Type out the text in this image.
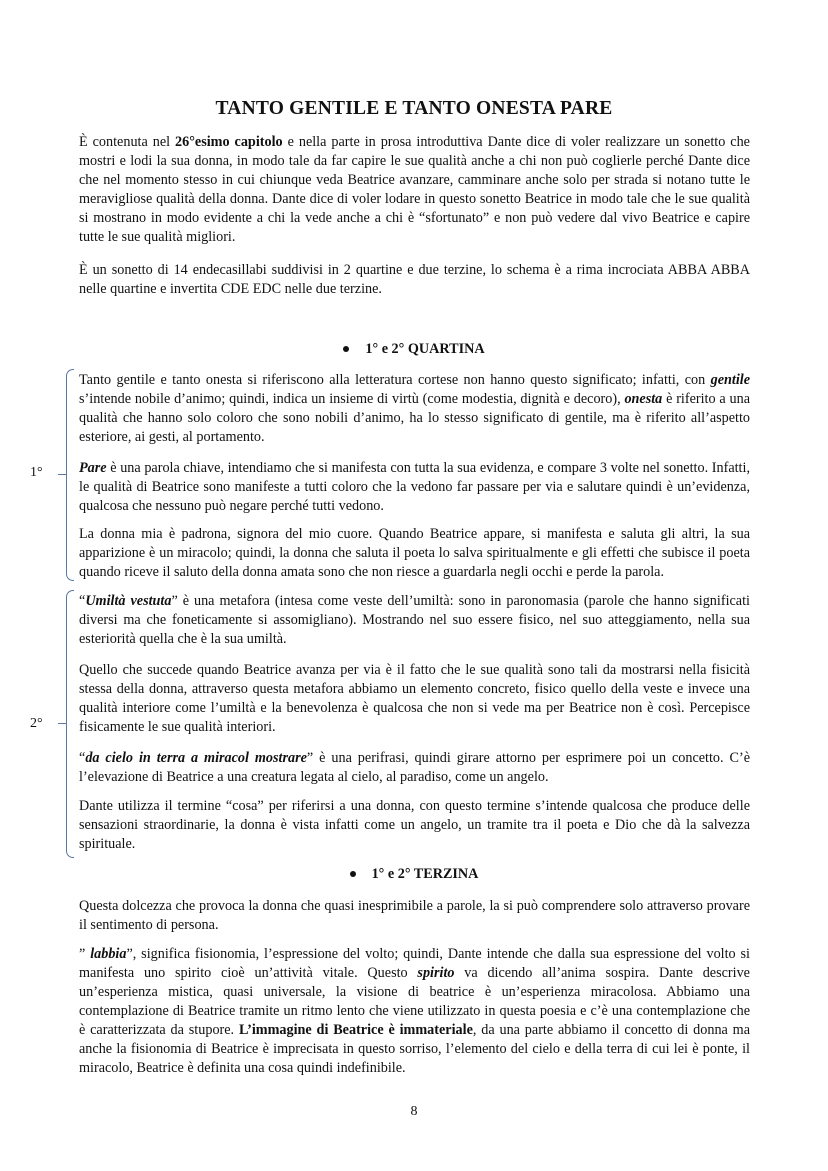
TANTO GENTILE E TANTO ONESTA PARE

È contenuta nel 26°esimo capitolo e nella parte in prosa introduttiva Dante dice di voler realizzare un sonetto che mostri e lodi la sua donna, in modo tale da far capire le sue qualità anche a chi non può coglierle perché Dante dice che nel momento stesso in cui chiunque veda Beatrice avanzare, camminare anche solo per strada si notano tutte le meravigliose qualità della donna. Dante dice di voler lodare in questo sonetto Beatrice in modo tale che le sue qualità si mostrano in modo evidente a chi la vede anche a chi è “sfortunato” e non può vedere dal vivo Beatrice e capire tutte le sue qualità migliori.

È un sonetto di 14 endecasillabi suddivisi in 2 quartine e due terzine, lo schema è a rima incrociata ABBA ABBA nelle quartine e invertita CDE EDC nelle due terzine.

1° e 2° QUARTINA
1°
2°

Tanto gentile e tanto onesta si riferiscono alla letteratura cortese non hanno questo significato; infatti, con gentile s’intende nobile d’animo; quindi, indica un insieme di virtù (come modestia, dignità e decoro), onesta è riferito a una qualità che hanno solo coloro che sono nobili d’animo, ha lo stesso significato di gentile, ma è riferito all’aspetto esteriore, ai gesti, al portamento.

Pare è una parola chiave, intendiamo che si manifesta con tutta la sua evidenza, e compare 3 volte nel sonetto. Infatti, le qualità di Beatrice sono manifeste a tutti coloro che la vedono far passare per via e salutare quindi è un’evidenza, qualcosa che nessuno può negare perché tutti vedono.

La donna mia è padrona, signora del mio cuore. Quando Beatrice appare, si manifesta e saluta gli altri, la sua apparizione è un miracolo; quindi, la donna che saluta il poeta lo salva spiritualmente e gli effetti che subisce il poeta quando riceve il saluto della donna amata sono che non riesce a guardarla negli occhi e perde la parola.

“Umiltà vestuta” è una metafora (intesa come veste dell’umiltà: sono in paronomasia (parole che hanno significati diversi ma che foneticamente si assomigliano). Mostrando nel suo essere fisico, nel suo atteggiamento, nella sua esteriorità quella che è la sua umiltà.

Quello che succede quando Beatrice avanza per via è il fatto che le sue qualità sono tali da mostrarsi nella fisicità stessa della donna, attraverso questa metafora abbiamo un elemento concreto, fisico quello della veste e invece una qualità interiore come l’umiltà e la benevolenza è qualcosa che non si vede ma per Beatrice non è così. Percepisce fisicamente le sue qualità interiori.

“da cielo in terra a miracol mostrare” è una perifrasi, quindi girare attorno per esprimere poi un concetto. C’è l’elevazione di Beatrice a una creatura legata al cielo, al paradiso, come un angelo.

Dante utilizza il termine “cosa” per riferirsi a una donna, con questo termine s’intende qualcosa che produce delle sensazioni straordinarie, la donna è vista infatti come un angelo, un tramite tra il poeta e Dio che dà la salvezza spirituale.

1° e 2° TERZINA

Questa dolcezza che provoca la donna che quasi inesprimibile a parole, la si può comprendere solo attraverso provare il sentimento di persona.

” labbia”, significa fisionomia, l’espressione del volto; quindi, Dante intende che dalla sua espressione del volto si manifesta uno spirito cioè un’attività vitale. Questo spirito va dicendo all’anima sospira. Dante descrive un’esperienza mistica, quasi universale, la visione di beatrice è un’esperienza miracolosa. Abbiamo una contemplazione di Beatrice tramite un ritmo lento che viene utilizzato in questa poesia e c’è una contemplazione che è caratterizzata da stupore. L’immagine di Beatrice è immateriale, da una parte abbiamo il concetto di donna ma anche la fisionomia di Beatrice è imprecisata in questo sorriso, l’elemento del cielo e della terra di cui lei è ponte, il miracolo, Beatrice è definita una cosa quindi indefinibile.

8
